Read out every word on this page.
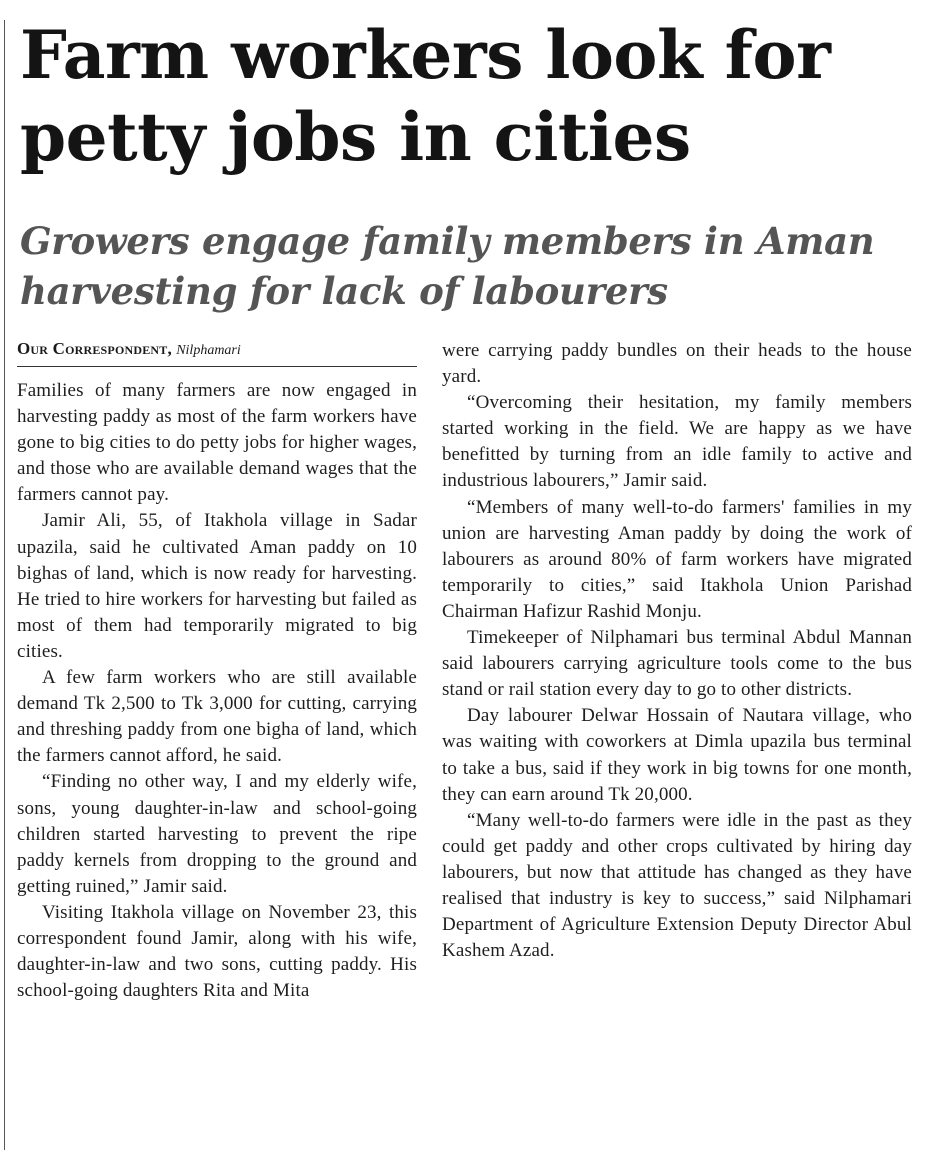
Farm workers look for
petty jobs in cities
Growers engage family members in Aman
harvesting for lack of labourers
Our Correspondent, Nilphamari

Families of many farmers are now engaged in harvesting paddy as most of the farm workers have gone to big cities to do petty jobs for higher wages, and those who are available demand wages that the farmers cannot pay.

Jamir Ali, 55, of Itakhola village in Sadar upazila, said he cultivated Aman paddy on 10 bighas of land, which is now ready for harvesting. He tried to hire workers for harvesting but failed as most of them had temporarily migrated to big cities.

A few farm workers who are still available demand Tk 2,500 to Tk 3,000 for cutting, carrying and threshing paddy from one bigha of land, which the farmers cannot afford, he said.

“Finding no other way, I and my elderly wife, sons, young daughter-in-law and school-going children started harvesting to prevent the ripe paddy kernels from dropping to the ground and getting ruined,” Jamir said.

Visiting Itakhola village on November 23, this correspondent found Jamir, along with his wife, daughter-in-law and two sons, cutting paddy. His school-going daughters Rita and Mita

were carrying paddy bundles on their heads to the house yard.

“Overcoming their hesitation, my family members started working in the field. We are happy as we have benefitted by turning from an idle family to active and industrious labourers,” Jamir said.

“Members of many well-to-do farmers' families in my union are harvesting Aman paddy by doing the work of labourers as around 80% of farm workers have migrated temporarily to cities,” said Itakhola Union Parishad Chairman Hafizur Rashid Monju.

Timekeeper of Nilphamari bus terminal Abdul Mannan said labourers carrying agriculture tools come to the bus stand or rail station every day to go to other districts.

Day labourer Delwar Hossain of Nautara village, who was waiting with coworkers at Dimla upazila bus terminal to take a bus, said if they work in big towns for one month, they can earn around Tk 20,000.

“Many well-to-do farmers were idle in the past as they could get paddy and other crops cultivated by hiring day labourers, but now that attitude has changed as they have realised that industry is key to success,” said Nilphamari Department of Agriculture Extension Deputy Director Abul Kashem Azad.
